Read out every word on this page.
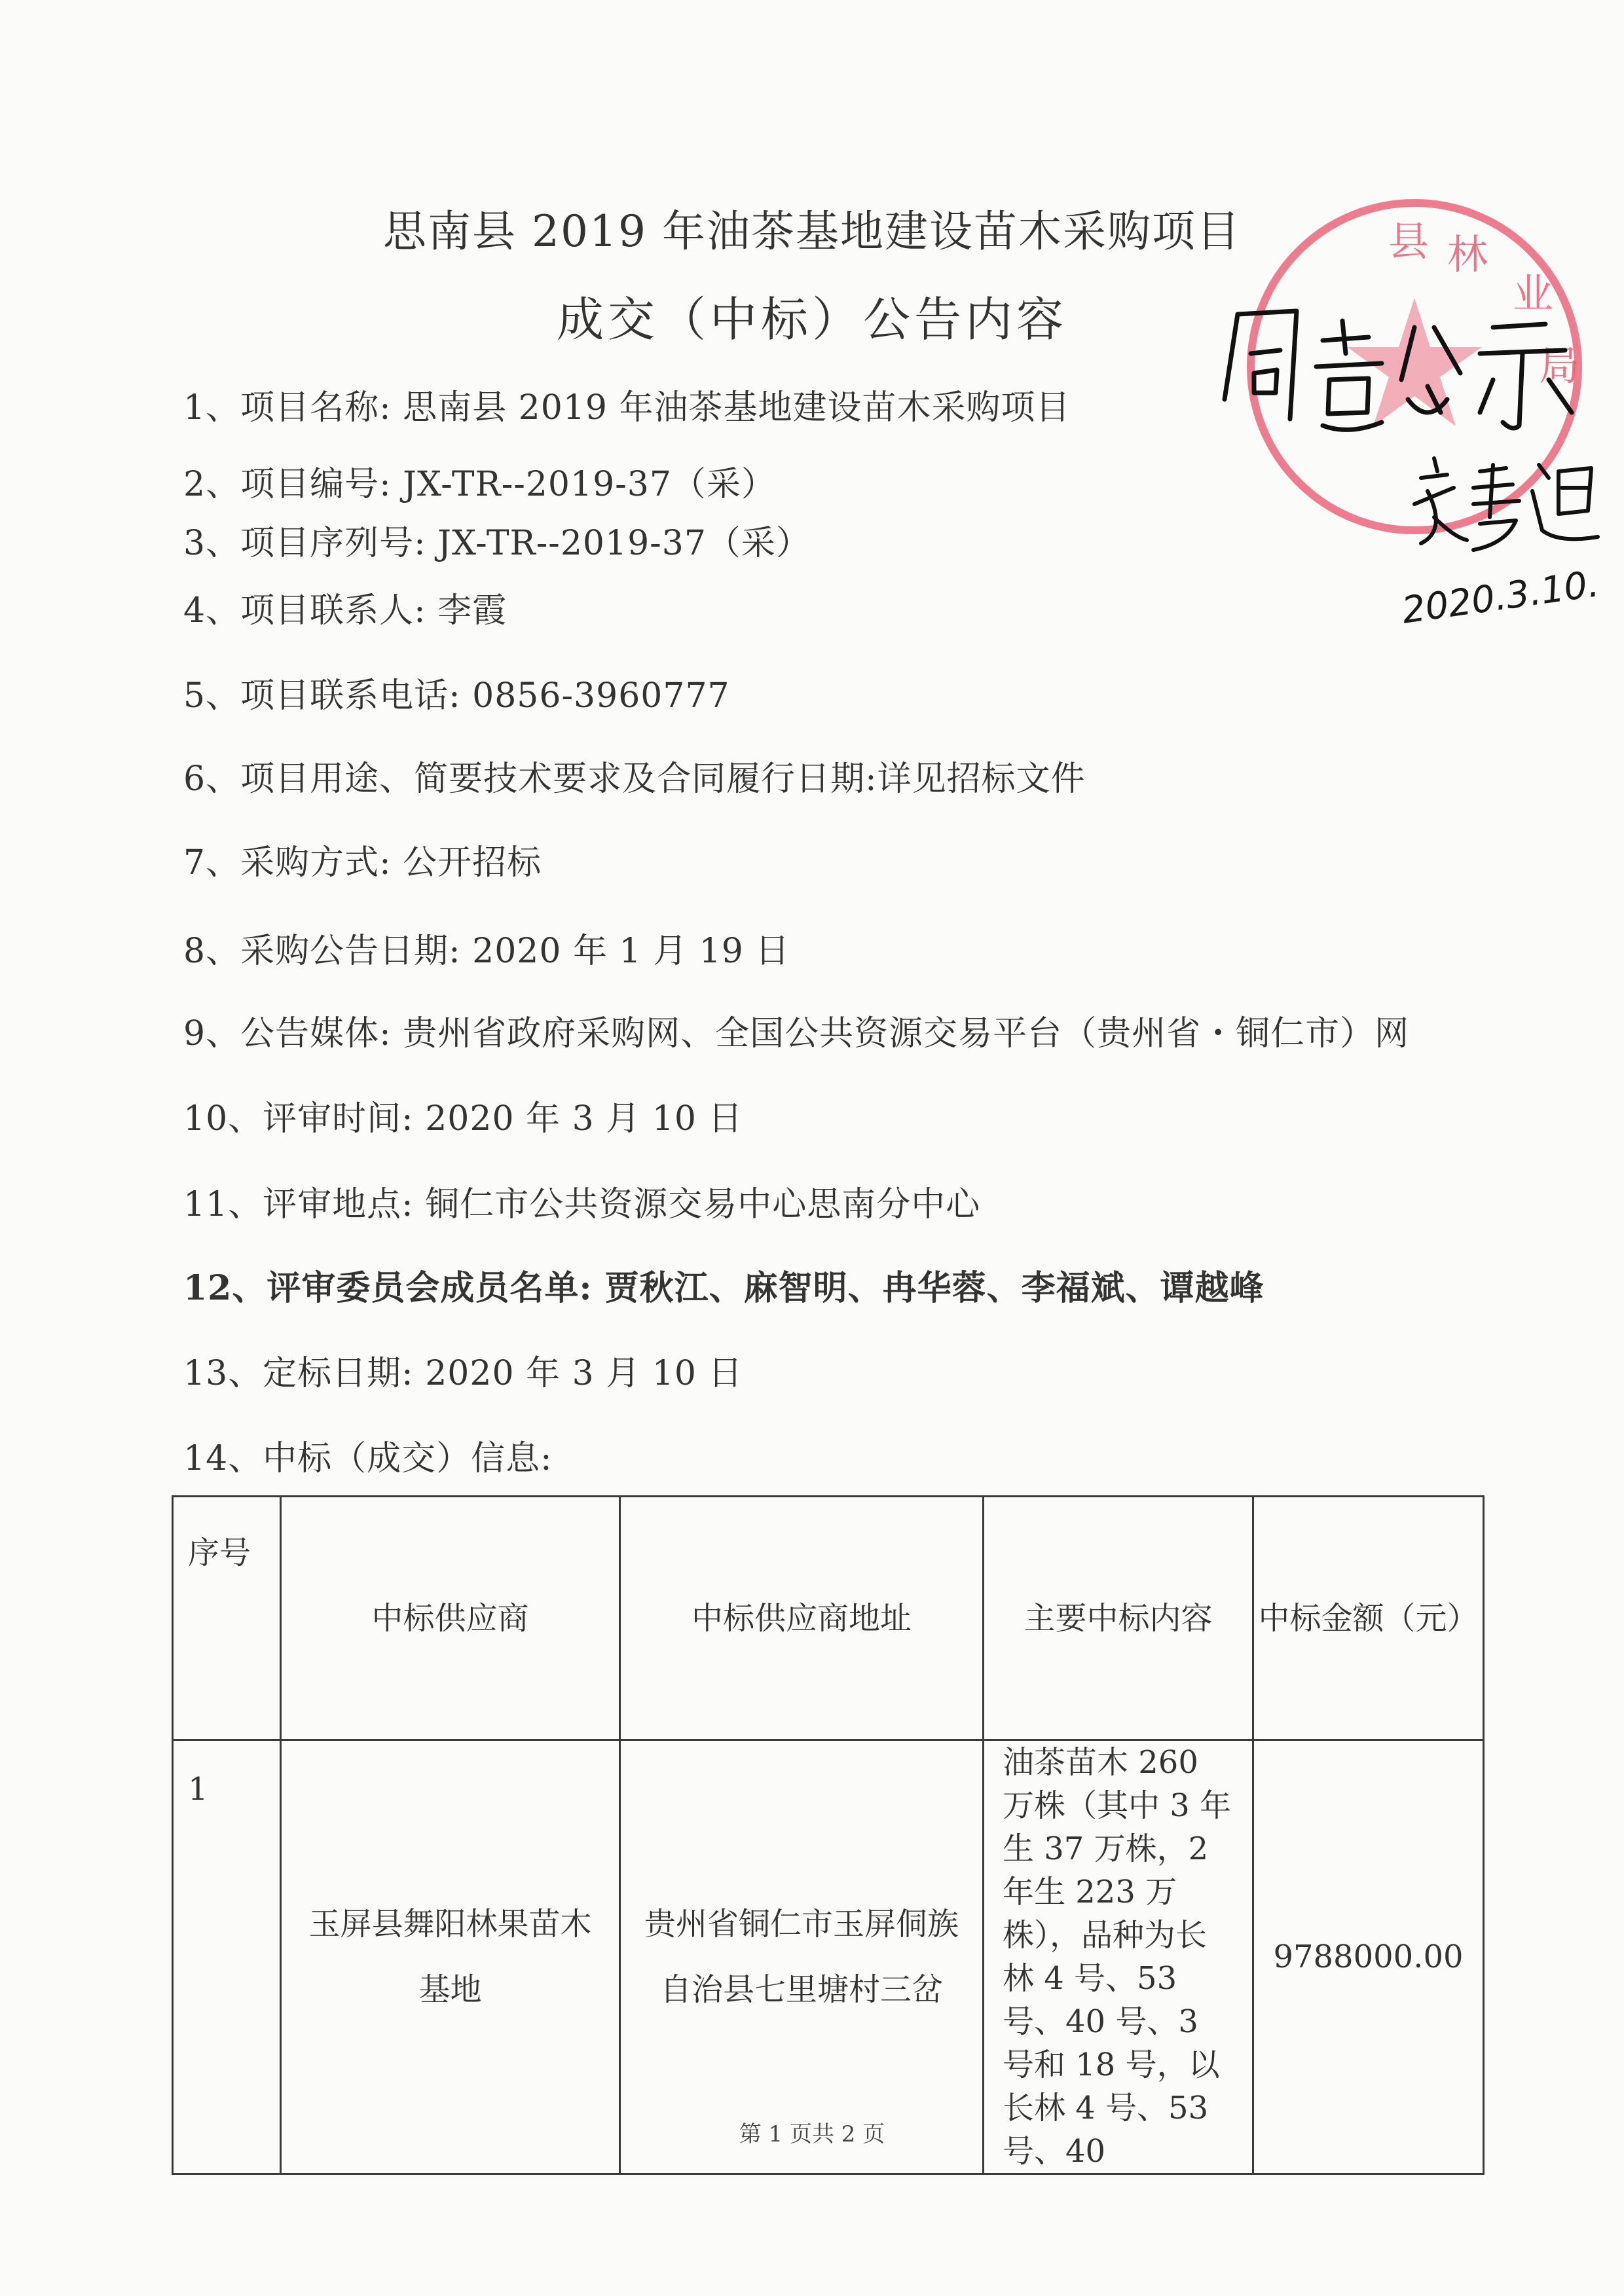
思南县 2019 年油茶基地建设苗木采购项目
成交（中标）公告内容
1、项目名称: 思南县 2019 年油茶基地建设苗木采购项目
2、项目编号: JX-TR--2019-37（采）
3、项目序列号: JX-TR--2019-37（采）
4、项目联系人: 李霞
5、项目联系电话: 0856-3960777
6、项目用途、简要技术要求及合同履行日期:详见招标文件
7、采购方式: 公开招标
8、采购公告日期: 2020 年 1 月 19 日
9、公告媒体: 贵州省政府采购网、全国公共资源交易平台（贵州省・铜仁市）网
10、评审时间: 2020 年 3 月 10 日
11、评审地点: 铜仁市公共资源交易中心思南分中心
12、评审委员会成员名单: 贾秋江、麻智明、冉华蓉、李福斌、谭越峰
13、定标日期: 2020 年 3 月 10 日
14、中标（成交）信息:
序号	中标供应商	中标供应商地址	主要中标内容	中标金额（元）
1	玉屏县舞阳林果苗木基地	贵州省铜仁市玉屏侗族自治县七里塘村三岔	油茶苗木 260 万株（其中 3 年生 37 万株，2 年生 223 万株），品种为长林 4 号、53 号、40 号、3 号和 18 号，以长林 4 号、53 号、40	9788000.00
第 1 页共 2 页
县 林
业
局
2020.3.10.
